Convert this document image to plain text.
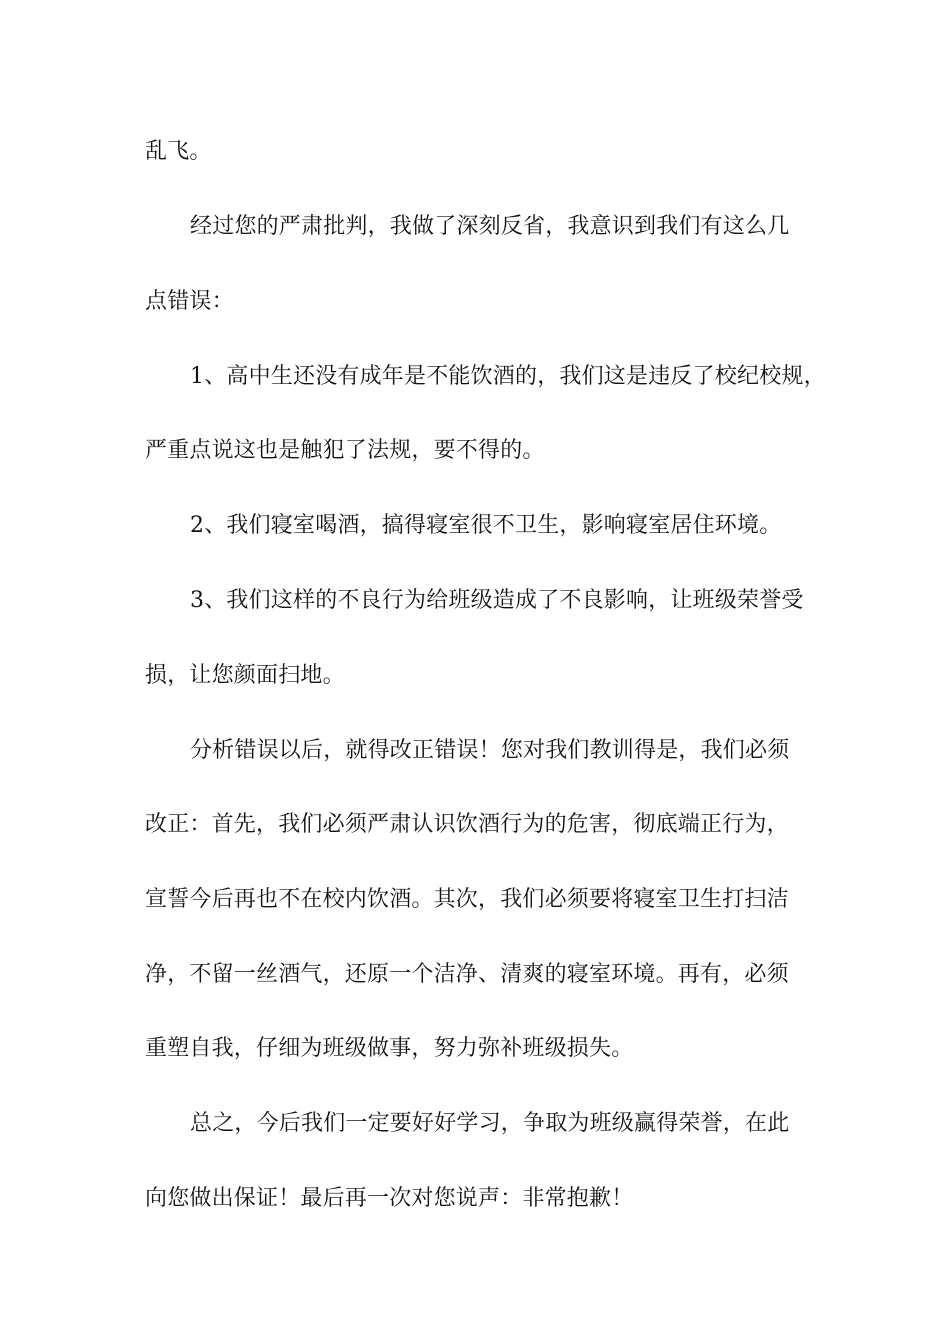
乱飞。
经过您的严肃批判，我做了深刻反省，我意识到我们有这么几
点错误：
1、高中生还没有成年是不能饮酒的，我们这是违反了校纪校规，
严重点说这也是触犯了法规，要不得的。
2、我们寝室喝酒，搞得寝室很不卫生，影响寝室居住环境。
3、我们这样的不良行为给班级造成了不良影响，让班级荣誉受
损，让您颜面扫地。
分析错误以后，就得改正错误！您对我们教训得是，我们必须
改正：首先，我们必须严肃认识饮酒行为的危害，彻底端正行为，
宣誓今后再也不在校内饮酒。其次，我们必须要将寝室卫生打扫洁
净，不留一丝酒气，还原一个洁净、清爽的寝室环境。再有，必须
重塑自我，仔细为班级做事，努力弥补班级损失。
总之，今后我们一定要好好学习，争取为班级赢得荣誉，在此
向您做出保证！最后再一次对您说声：非常抱歉！
